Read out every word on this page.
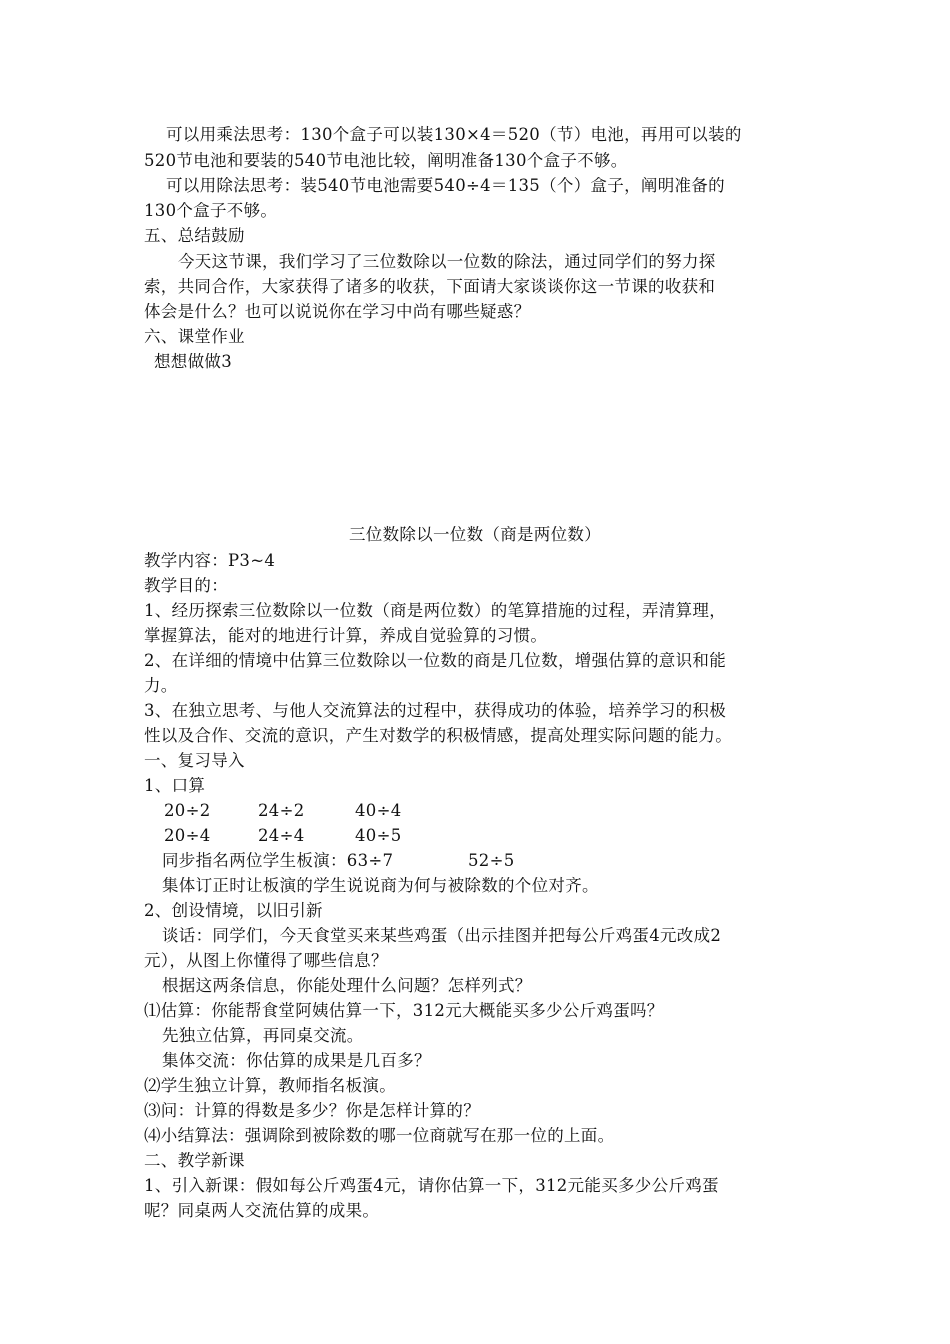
可以用乘法思考：130个盒子可以装130×4＝520（节）电池，再用可以装的
520节电池和要装的540节电池比较，阐明准备130个盒子不够。
可以用除法思考：装540节电池需要540÷4＝135（个）盒子，阐明准备的
130个盒子不够。
五、总结鼓励
今天这节课，我们学习了三位数除以一位数的除法，通过同学们的努力探
索，共同合作，大家获得了诸多的收获，下面请大家谈谈你这一节课的收获和
体会是什么？也可以说说你在学习中尚有哪些疑惑？
六、课堂作业
想想做做3
三位数除以一位数（商是两位数）
教学内容：P3~4
教学目的：
1、经历探索三位数除以一位数（商是两位数）的笔算措施的过程，弄清算理，
掌握算法，能对的地进行计算，养成自觉验算的习惯。
2、在详细的情境中估算三位数除以一位数的商是几位数，增强估算的意识和能
力。
3、在独立思考、与他人交流算法的过程中，获得成功的体验，培养学习的积极
性以及合作、交流的意识，产生对数学的积极情感，提高处理实际问题的能力。
一、复习导入
1、口算
20÷2	24÷2	40÷4
20÷4	24÷4	40÷5
同步指名两位学生板演：63÷7	52÷5
集体订正时让板演的学生说说商为何与被除数的个位对齐。
2、创设情境，以旧引新
谈话：同学们，今天食堂买来某些鸡蛋（出示挂图并把每公斤鸡蛋4元改成2
元），从图上你懂得了哪些信息？
根据这两条信息，你能处理什么问题？怎样列式？
⑴估算：你能帮食堂阿姨估算一下，312元大概能买多少公斤鸡蛋吗？
先独立估算，再同桌交流。
集体交流：你估算的成果是几百多？
⑵学生独立计算，教师指名板演。
⑶问：计算的得数是多少？你是怎样计算的？
⑷小结算法：强调除到被除数的哪一位商就写在那一位的上面。
二、教学新课
1、引入新课：假如每公斤鸡蛋4元，请你估算一下，312元能买多少公斤鸡蛋
呢？同桌两人交流估算的成果。
